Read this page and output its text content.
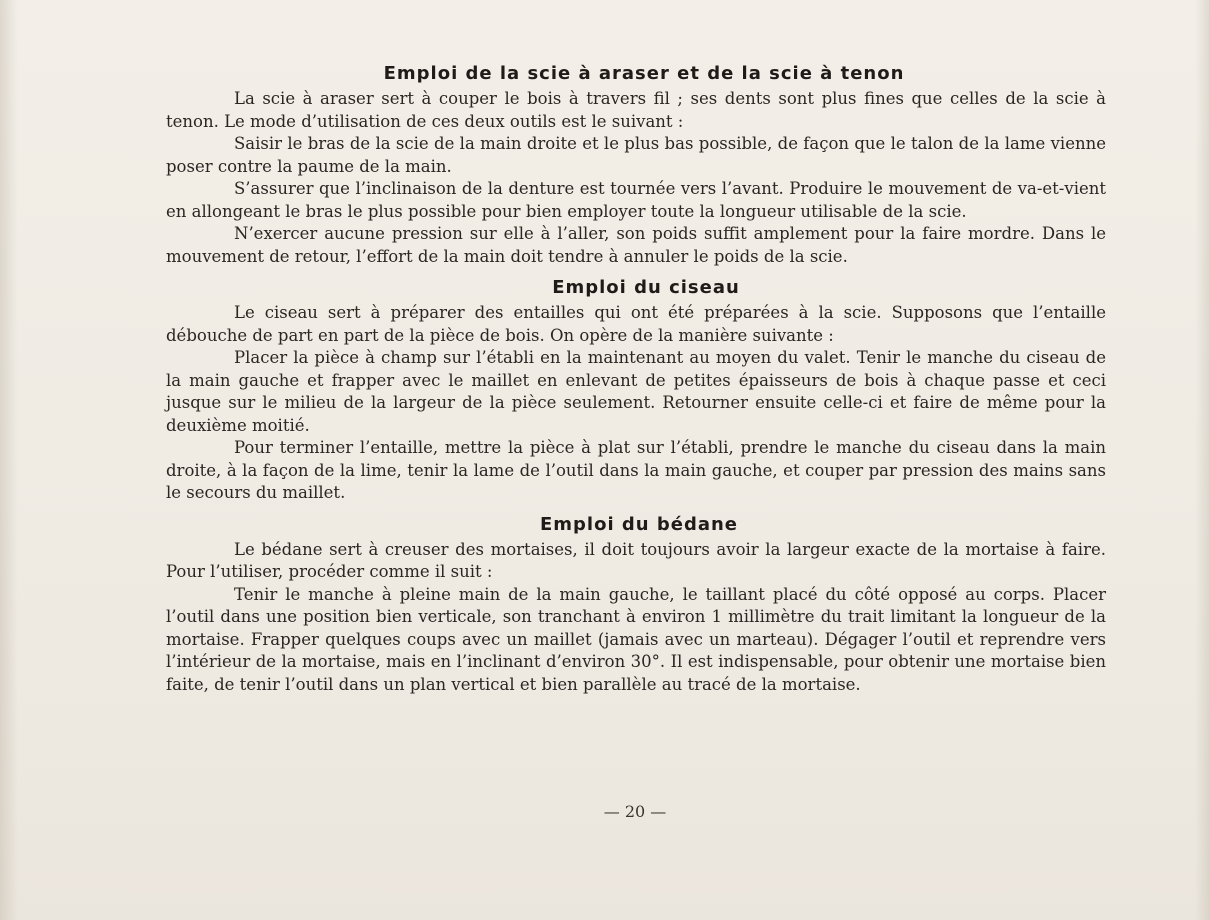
Emploi de la scie à araser et de la scie à tenon

La scie à araser sert à couper le bois à travers fil ; ses dents sont plus fines que celles de la scie à tenon. Le mode d’utilisation de ces deux outils est le suivant :

Saisir le bras de la scie de la main droite et le plus bas possible, de façon que le talon de la lame vienne poser contre la paume de la main.

S’assurer que l’inclinaison de la denture est tournée vers l’avant. Produire le mouvement de va-et-vient en allongeant le bras le plus possible pour bien employer toute la longueur utilisable de la scie.

N’exercer aucune pression sur elle à l’aller, son poids suffit amplement pour la faire mordre. Dans le mouvement de retour, l’effort de la main doit tendre à annuler le poids de la scie.

Emploi du ciseau

Le ciseau sert à préparer des entailles qui ont été préparées à la scie. Supposons que l’entaille débouche de part en part de la pièce de bois. On opère de la manière suivante :

Placer la pièce à champ sur l’établi en la maintenant au moyen du valet. Tenir le manche du ciseau de la main gauche et frapper avec le maillet en enlevant de petites épaisseurs de bois à chaque passe et ceci jusque sur le milieu de la largeur de la pièce seulement. Retourner ensuite celle-ci et faire de même pour la deuxième moitié.

Pour terminer l’entaille, mettre la pièce à plat sur l’établi, prendre le manche du ciseau dans la main droite, à la façon de la lime, tenir la lame de l’outil dans la main gauche, et couper par pression des mains sans le secours du maillet.

Emploi du bédane

Le bédane sert à creuser des mortaises, il doit toujours avoir la largeur exacte de la mortaise à faire. Pour l’utiliser, procéder comme il suit :

Tenir le manche à pleine main de la main gauche, le taillant placé du côté opposé au corps. Placer l’outil dans une position bien verticale, son tranchant à environ 1 millimètre du trait limitant la longueur de la mortaise. Frapper quelques coups avec un maillet (jamais avec un marteau). Dégager l’outil et reprendre vers l’intérieur de la mortaise, mais en l’inclinant d’environ 30°. Il est indispensable, pour obtenir une mortaise bien faite, de tenir l’outil dans un plan vertical et bien parallèle au tracé de la mortaise.

— 20 —
